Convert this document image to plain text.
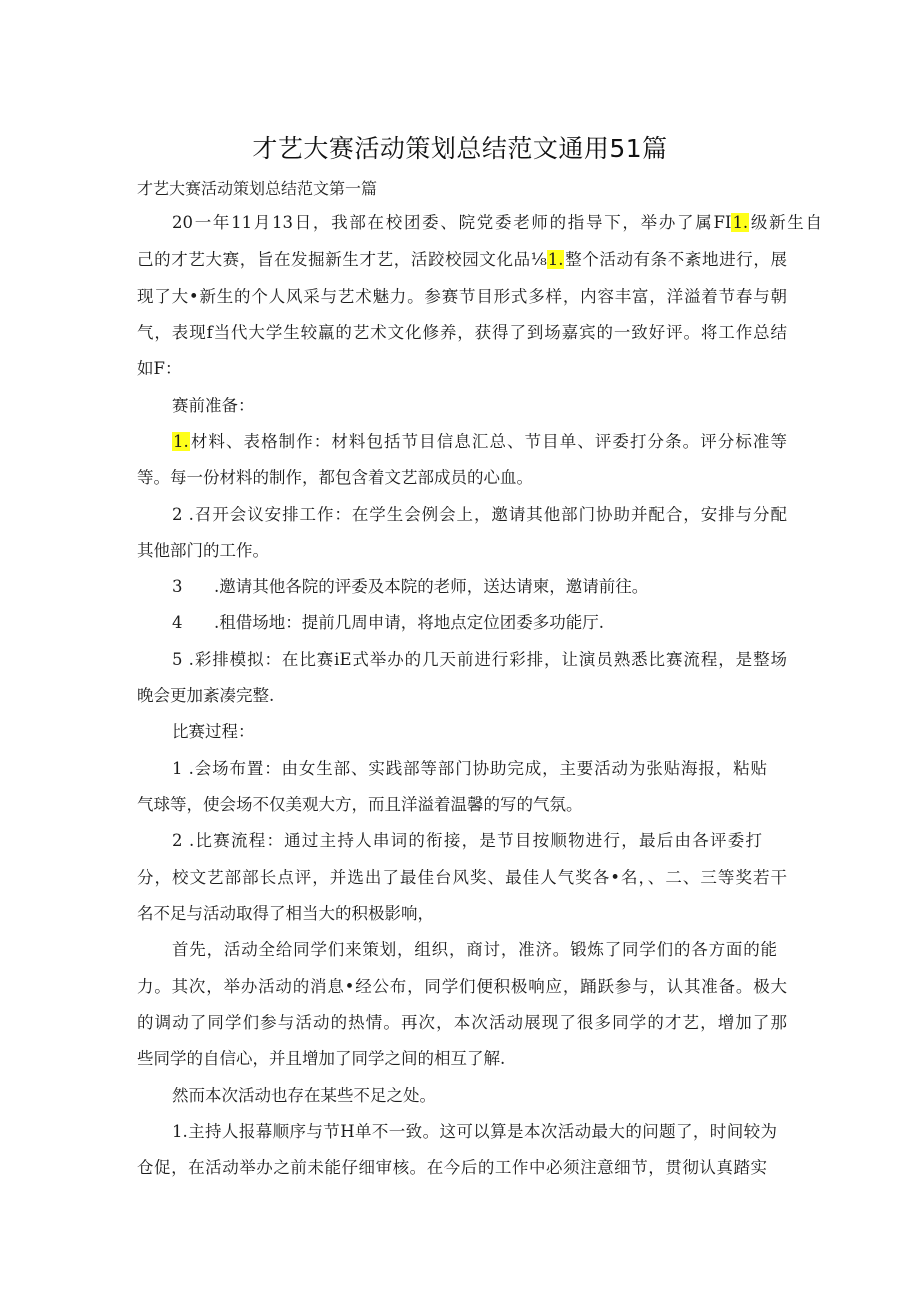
才艺大赛活动策划总结范文通用51篇
才艺大赛活动策划总结范文第一篇
20一年11月13日，我部在校团委、院党委老师的指导下，举办了属FI1.级新生自
己的才艺大赛，旨在发掘新生才艺，活跤校园文化品⅛1.整个活动有条不紊地进行，展
现了大•新生的个人风采与艺术魅力。参赛节目形式多样，内容丰富，洋溢着节春与朝
气，表现f当代大学生较羸的艺术文化修养，获得了到场嘉宾的一致好评。将工作总结
如F：
赛前准备：
1.材料、表格制作：材料包括节目信息汇总、节目单、评委打分条。评分标准等
等。每一份材料的制作，都包含着文艺部成员的心血。
2 .召开会议安排工作：在学生会例会上，邀请其他部门协助并配合，安排与分配
其他部门的工作。
3      .邀请其他各院的评委及本院的老师，送达请柬，邀请前往。
4      .租借场地：提前几周申请，将地点定位团委多功能厅.
5 .彩排模拟：在比赛iE式举办的几天前进行彩排，让演员熟悉比赛流程，是整场
晚会更加紊凑完整.
比赛过程：
1 .会场布置：由女生部、实践部等部门协助完成，主要活动为张贴海报，粘贴
气球等，使会场不仅美观大方，而且洋溢着温馨的写的气氛。
2 .比赛流程：通过主持人串词的衔接，是节目按顺物进行，最后由各评委打
分，校文艺部部长点评，并选出了最佳台风奖、最佳人气奖各•名，、二、三等奖若干
名不足与活动取得了相当大的积极影响，
首先，活动全给同学们来策划，组织，商讨，准济。锻炼了同学们的各方面的能
力。其次，举办活动的消息•经公布，同学们便积极响应，踊跃参与，认其准备。极大
的调动了同学们参与活动的热情。再次，本次活动展现了很多同学的才艺，增加了那
些同学的自信心，并且增加了同学之间的相互了解.
然而本次活动也存在某些不足之处。
1.主持人报幕顺序与节H单不一致。这可以算是本次活动最大的问题了，时间较为
仓促，在活动举办之前未能仔细审核。在今后的工作中必须注意细节，贯彻认真踏实
